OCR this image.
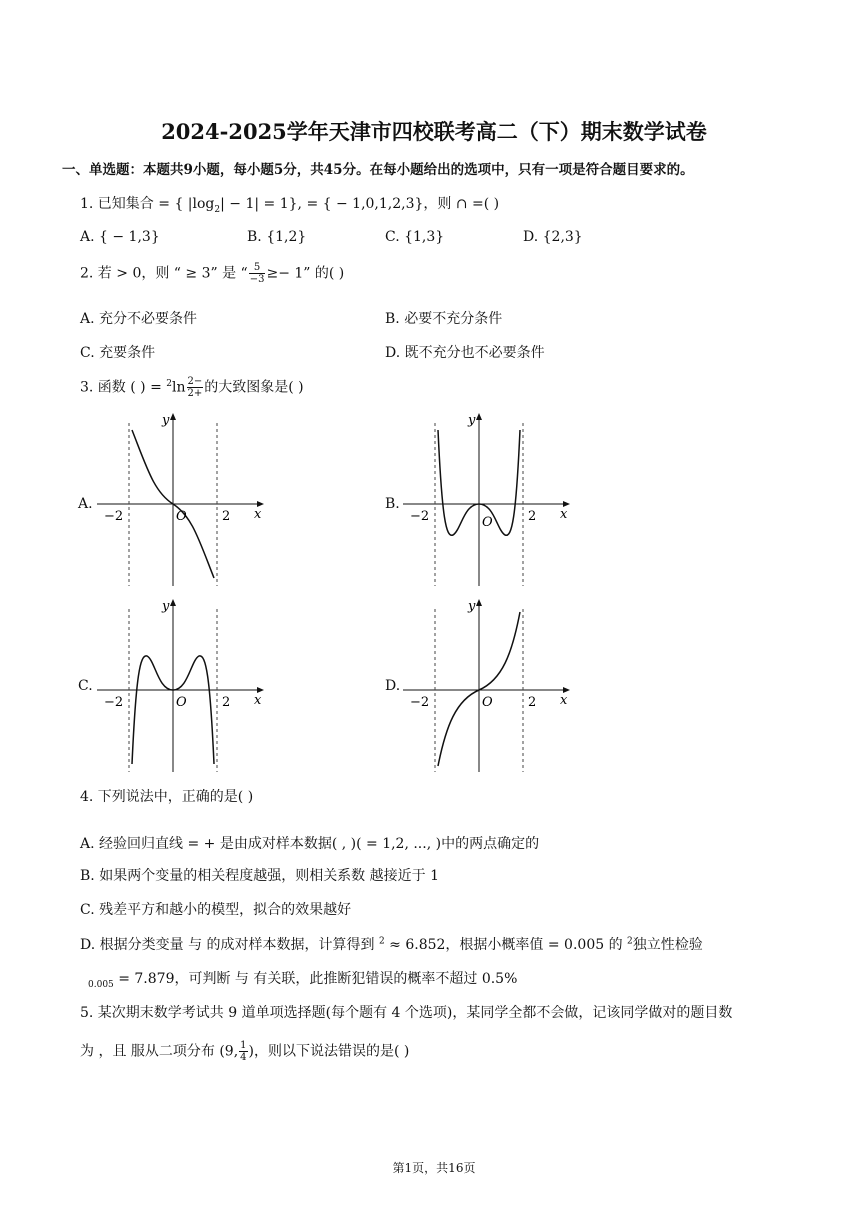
2024-2025学年天津市四校联考高二（下）期末数学试卷
一、单选题：本题共9小题，每小题5分，共45分。在每小题给出的选项中，只有一项是符合题目要求的。
1. 已知集合 = { $|\log_2| - 1| = 1$}, = { − 1,0,1,2,3}，则 ∩ =( )
A. { − 1,3}	B. {1,2}	C. {1,3}	D. {2,3}
2. 若 > 0，则 “ ≥ 3” 是 “ $\frac{5}{-3} \ge- 1$” 的( )
A. 充分不必要条件	B. 必要不充分条件
C. 充要条件	D. 既不充分也不必要条件
3. 函数 ( ) = $^2\ln \frac{2-}{2+}$ 的大致图象是( )
A.	B.
C.	D.
y
x
O
−2	2
y
x
O
−2	2
y
x
O
−2	2
y
x
O
−2	2
4. 下列说法中，正确的是( )
A. 经验回归直线 = + 是由成对样本数据( , )( = 1,2, ..., )中的两点确定的
B. 如果两个变量的相关程度越强，则相关系数 越接近于 1
C. 残差平方和越小的模型，拟合的效果越好
D. 根据分类变量 与 的成对样本数据，计算得到 $^2$ ≈ 6.852，根据小概率值 = 0.005 的 $^2$独立性检验
$_{0.005}$ = 7.879，可判断 与 有关联，此推断犯错误的概率不超过 0.5%
5. 某次期末数学考试共 9 道单项选择题(每个题有 4 个选项)，某同学全都不会做，记该同学做对的题目数
为 ，且 服从二项分布 (9, $\frac{1}{4}$ )，则以下说法错误的是( )
第1页，共16页
